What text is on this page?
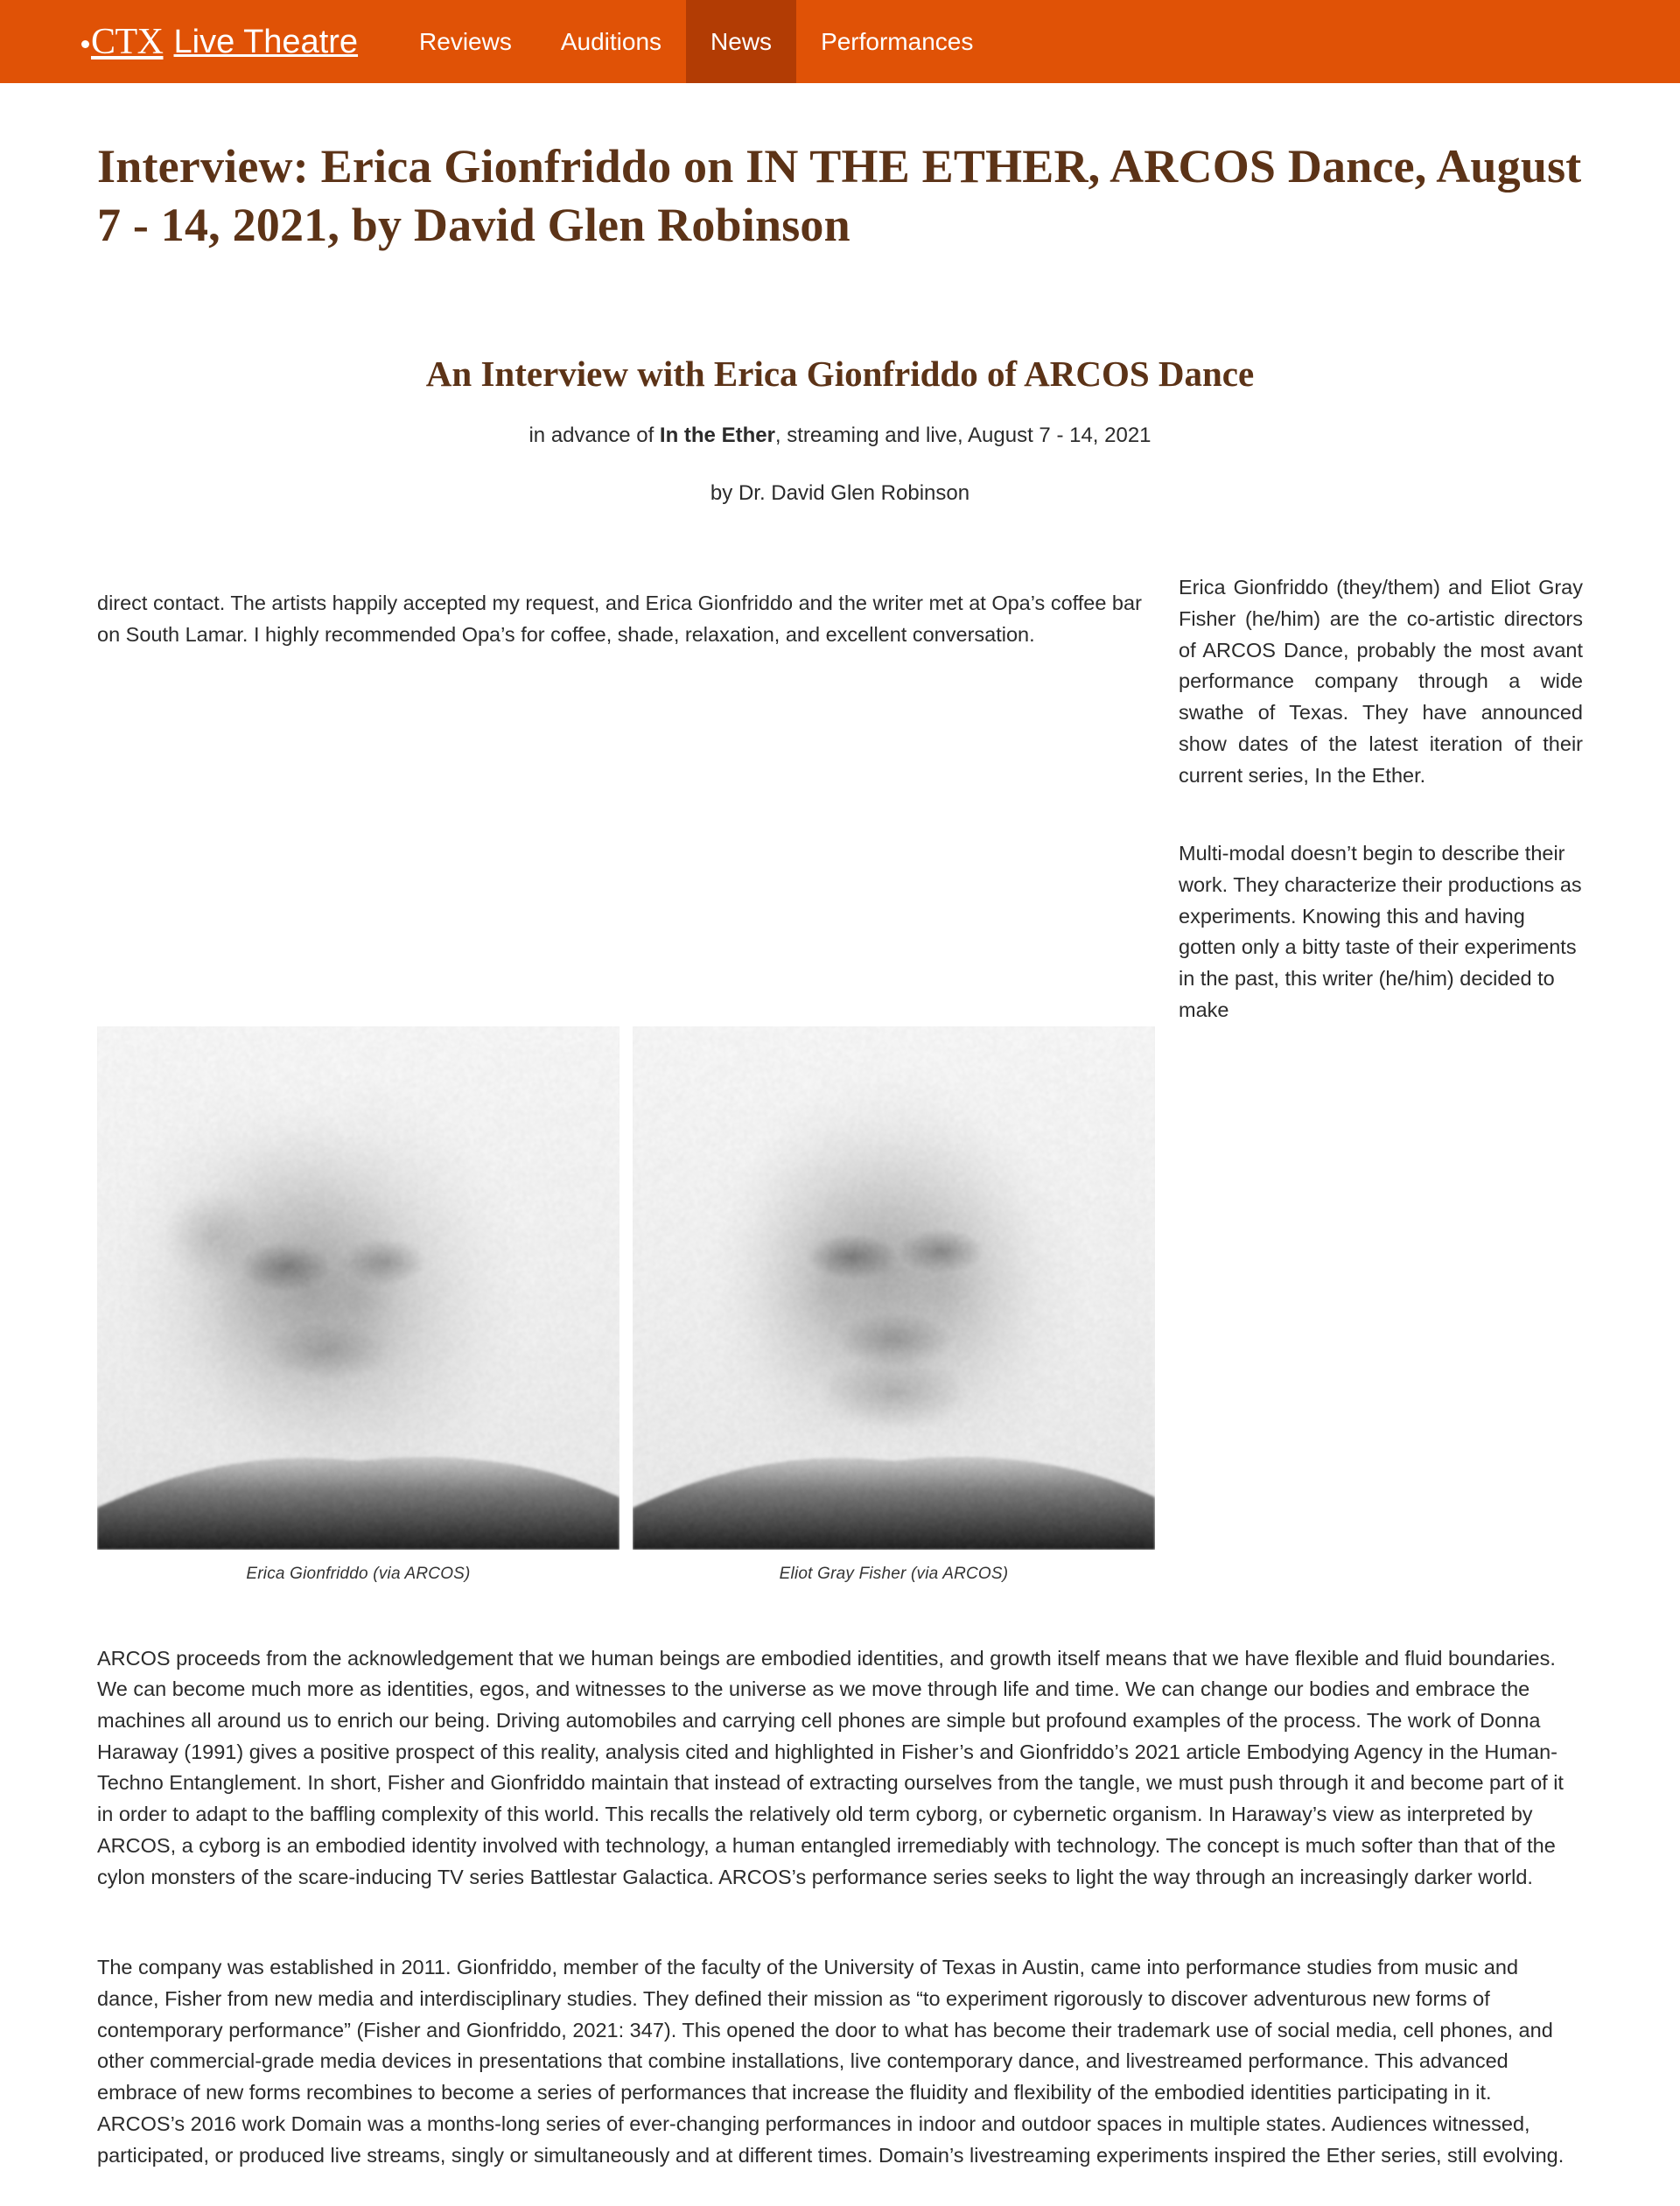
CTX Live Theatre	Reviews	Auditions	News	Performances
Interview: Erica Gionfriddo on IN THE ETHER, ARCOS Dance, August 7 - 14, 2021, by David Glen Robinson
An Interview with Erica Gionfriddo of ARCOS Dance

in advance of In the Ether, streaming and live, August 7 - 14, 2021

by Dr. David Glen Robinson

Erica Gionfriddo (they/them) and Eliot Gray Fisher (he/him) are the co-artistic directors of ARCOS Dance, probably the most avant performance company through a wide swathe of Texas. They have announced show dates of the latest iteration of their current series, In the Ether.

Multi-modal doesn’t begin to describe their work. They characterize their productions as experiments. Knowing this and having gotten only a bitty taste of their experiments in the past, this writer (he/him) decided to make

Erica Gionfriddo (via ARCOS)	Eliot Gray Fisher (via ARCOS)

direct contact. The artists happily accepted my request, and Erica Gionfriddo and the writer met at Opa’s coffee bar on South Lamar. I highly recommended Opa’s for coffee, shade, relaxation, and excellent conversation.

ARCOS proceeds from the acknowledgement that we human beings are embodied identities, and growth itself means that we have flexible and fluid boundaries. We can become much more as identities, egos, and witnesses to the universe as we move through life and time. We can change our bodies and embrace the machines all around us to enrich our being. Driving automobiles and carrying cell phones are simple but profound examples of the process. The work of Donna Haraway (1991) gives a positive prospect of this reality, analysis cited and highlighted in Fisher’s and Gionfriddo’s 2021 article Embodying Agency in the Human-Techno Entanglement. In short, Fisher and Gionfriddo maintain that instead of extracting ourselves from the tangle, we must push through it and become part of it in order to adapt to the baffling complexity of this world. This recalls the relatively old term cyborg, or cybernetic organism. In Haraway’s view as interpreted by ARCOS, a cyborg is an embodied identity involved with technology, a human entangled irremediably with technology. The concept is much softer than that of the cylon monsters of the scare-inducing TV series Battlestar Galactica. ARCOS’s performance series seeks to light the way through an increasingly darker world.

The company was established in 2011. Gionfriddo, member of the faculty of the University of Texas in Austin, came into performance studies from music and dance, Fisher from new media and interdisciplinary studies. They defined their mission as “to experiment rigorously to discover adventurous new forms of contemporary performance” (Fisher and Gionfriddo, 2021: 347). This opened the door to what has become their trademark use of social media, cell phones, and other commercial-grade media devices in presentations that combine installations, live contemporary dance, and livestreamed performance. This advanced embrace of new forms recombines to become a series of performances that increase the fluidity and flexibility of the embodied identities participating in it. ARCOS’s 2016 work Domain was a months-long series of ever-changing performances in indoor and outdoor spaces in multiple states. Audiences witnessed, participated, or produced live streams, singly or simultaneously and at different times. Domain’s livestreaming experiments inspired the Ether series, still evolving.
